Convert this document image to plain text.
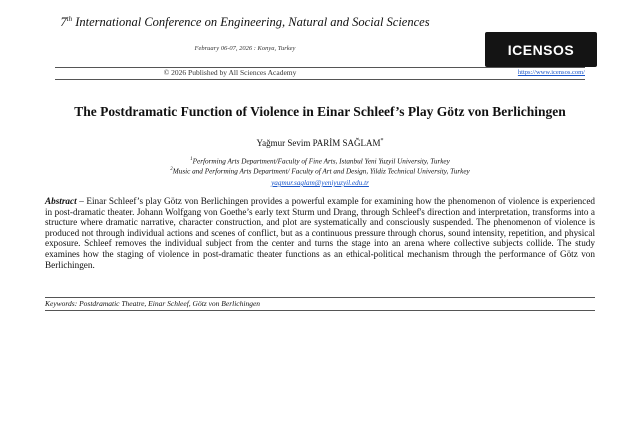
7th International Conference on Engineering, Natural and Social Sciences
February 06-07, 2026 : Konya, Turkey	ICENSOS
© 2026 Published by All Sciences Academy	https://www.icensos.com/
The Postdramatic Function of Violence in Einar Schleef’s Play Götz von Berlichingen
Yağmur Sevim PARİM SAĞLAM*
$^1$Performing Arts Department/Faculty of Fine Arts, Istanbul Yeni Yuzyil University, Turkey
$^2$Music and Performing Arts Department/ Faculty of Art and Design, Yildiz Technical University, Turkey
yagmur.saglam@yeniyuzyil.edu.tr
Abstract – Einar Schleef’s play Götz von Berlichingen provides a powerful example for examining how the phenomenon of violence is experienced in post-dramatic theater. Johann Wolfgang von Goethe’s early text Sturm und Drang, through Schleef's direction and interpretation, transforms into a structure where dramatic narrative, character construction, and plot are systematically and consciously suspended. The phenomenon of violence is produced not through individual actions and scenes of conflict, but as a continuous pressure through chorus, sound intensity, repetition, and physical exposure. Schleef removes the individual subject from the center and turns the stage into an arena where collective subjects collide. The study examines how the staging of violence in post-dramatic theater functions as an ethical-political mechanism through the performance of Götz von Berlichingen.
Keywords: Postdramatic Theatre, Einar Schleef, Götz von Berlichingen
